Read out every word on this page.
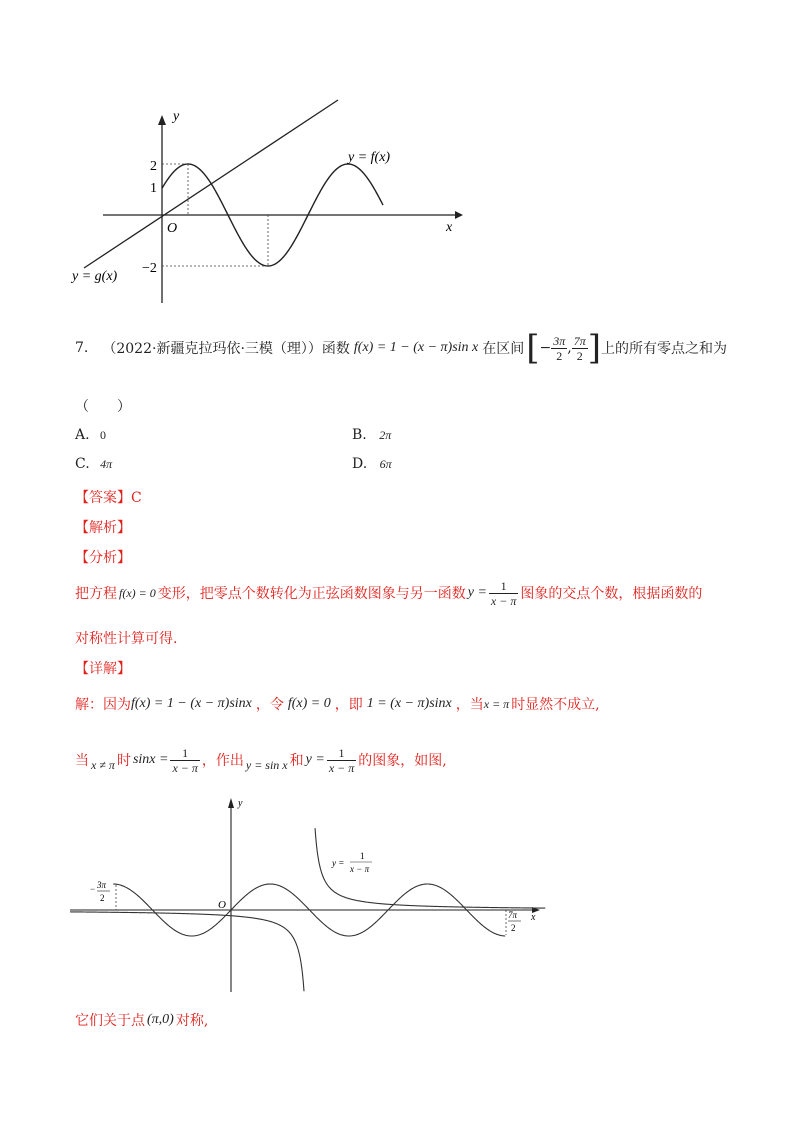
y
x
O
2
1
−2
y = f(x)
y = g(x)
7. （2022·新疆克拉玛依·三模（理）） 函数 f(x) = 1 − (x − π)sin x 在区间 [ − $\frac{3\pi}{2}$ , $\frac{7\pi}{2}$ ] 上的所有零点之和为
（　　）
A. 0	B. 2π
C. 4π	D. 6π
【答案】C
【解析】
【分析】
把方程 f(x) = 0 变形，把零点个数转化为正弦函数图象与另一函数 $y = \frac{1}{x - \pi}$ 图象的交点个数，根据函数的
对称性计算可得.
【详解】
解：因为 f(x) = 1 − (x − π)sinx ，令 f(x) = 0 ，即 1 = (x − π)sinx ，当 x = π 时显然不成立,
当 x ≠ π 时 $\sin x = \frac{1}{x - \pi}$ ，作出 y = sin x 和 $y = \frac{1}{x - \pi}$ 的图象，如图,
y
x
O
− 3π
2
7π
2
y =
1
x − π
它们关于点 (π,0) 对称,
